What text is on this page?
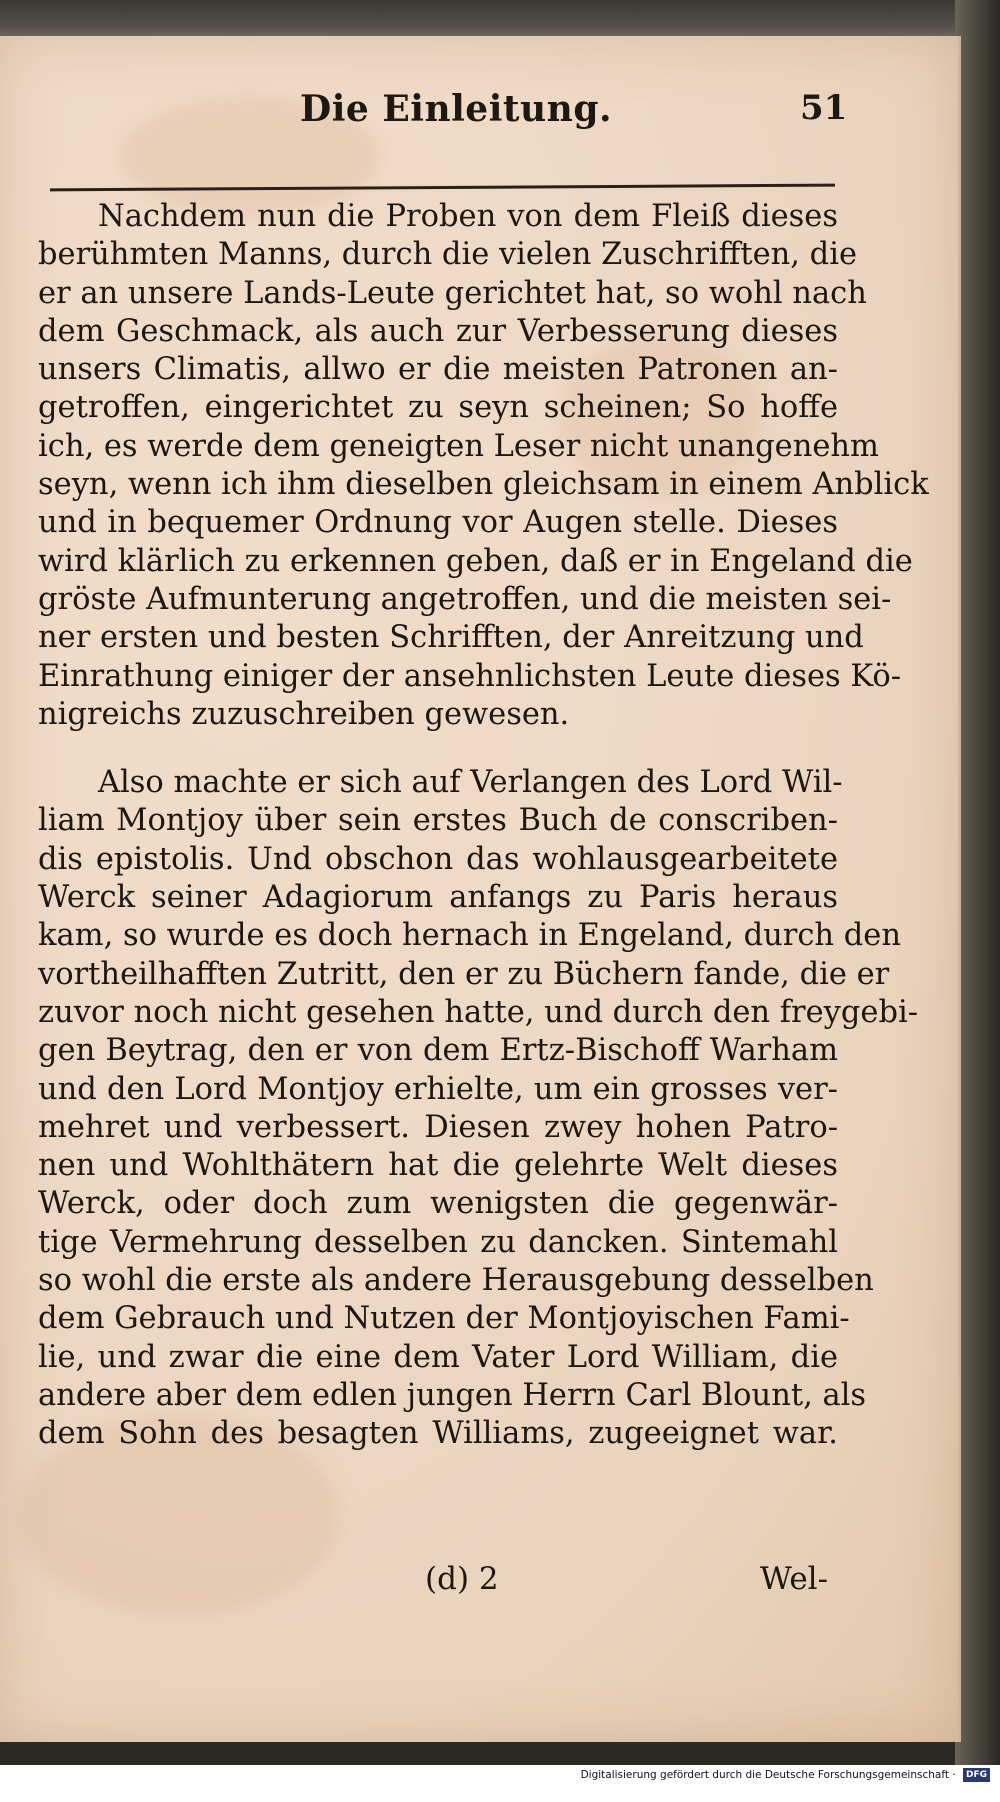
Die Einleitung.	51
Nachdem nun die Proben von dem Fleiß dieses
berühmten Manns, durch die vielen Zuschrifften, die
er an unsere Lands-Leute gerichtet hat, so wohl nach
dem Geschmack, als auch zur Verbesserung dieses
unsers Climatis, allwo er die meisten Patronen an-
getroffen, eingerichtet zu seyn scheinen; So hoffe
ich, es werde dem geneigten Leser nicht unangenehm
seyn, wenn ich ihm dieselben gleichsam in einem Anblick
und in bequemer Ordnung vor Augen stelle. Dieses
wird klärlich zu erkennen geben, daß er in Engeland die
gröste Aufmunterung angetroffen, und die meisten sei-
ner ersten und besten Schrifften, der Anreitzung und
Einrathung einiger der ansehnlichsten Leute dieses Kö-
nigreichs zuzuschreiben gewesen.
Also machte er sich auf Verlangen des Lord Wil-
liam Montjoy über sein erstes Buch de conscriben-
dis epistolis. Und obschon das wohlausgearbeitete
Werck seiner Adagiorum anfangs zu Paris heraus
kam, so wurde es doch hernach in Engeland, durch den
vortheilhafften Zutritt, den er zu Büchern fande, die er
zuvor noch nicht gesehen hatte, und durch den freygebi-
gen Beytrag, den er von dem Ertz-Bischoff Warham
und den Lord Montjoy erhielte, um ein grosses ver-
mehret und verbessert. Diesen zwey hohen Patro-
nen und Wohlthätern hat die gelehrte Welt dieses
Werck, oder doch zum wenigsten die gegenwär-
tige Vermehrung desselben zu dancken. Sintemahl
so wohl die erste als andere Herausgebung desselben
dem Gebrauch und Nutzen der Montjoyischen Fami-
lie, und zwar die eine dem Vater Lord William, die
andere aber dem edlen jungen Herrn Carl Blount, als
dem Sohn des besagten Williams, zugeeignet war.
(d) 2	Wel-
Digitalisierung gefördert durch die Deutsche Forschungsgemeinschaft · DFG
